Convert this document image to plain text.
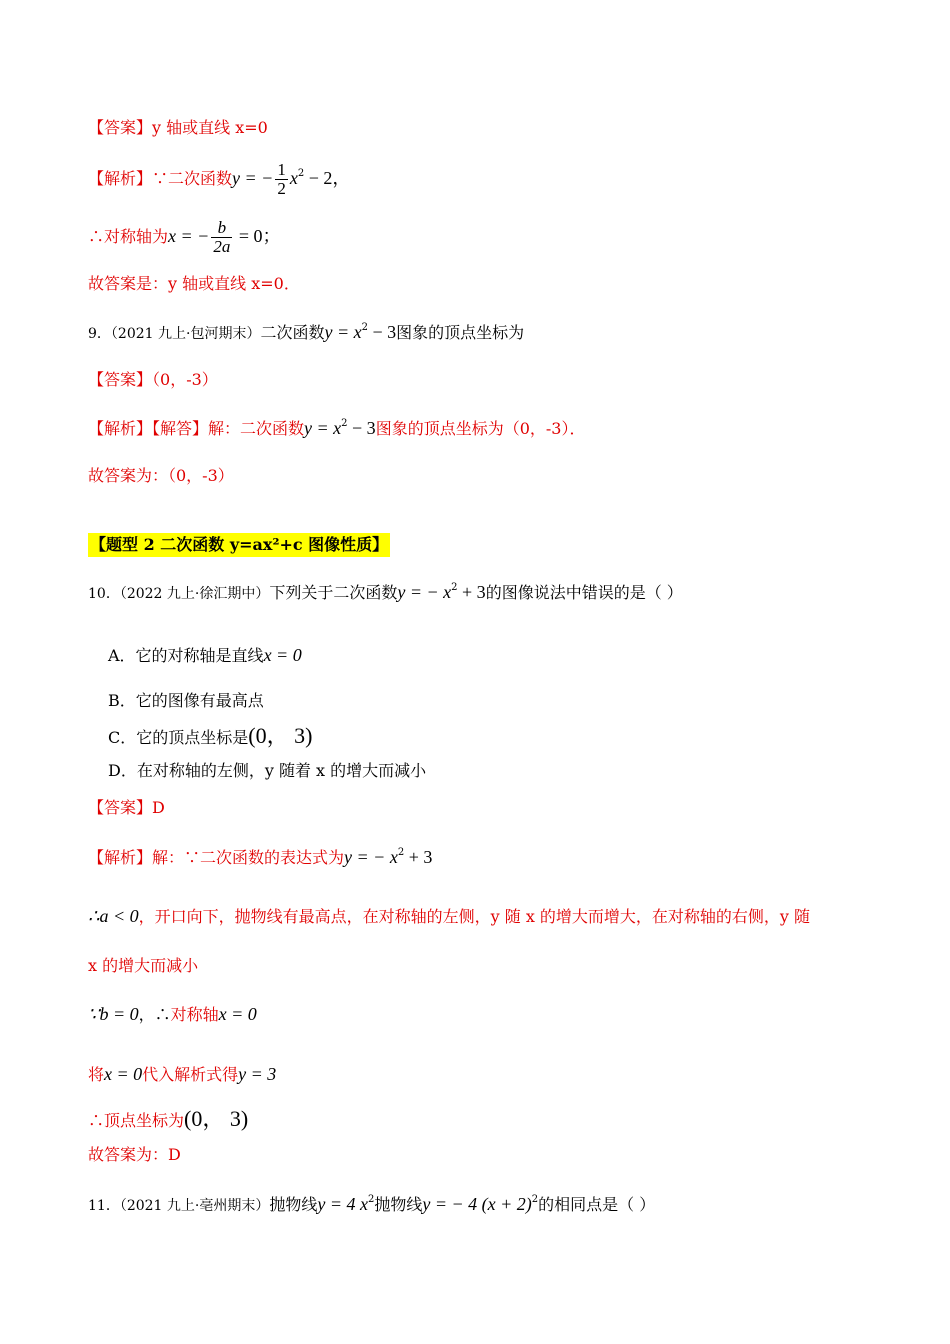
【答案】y 轴或直线 x=0
【解析】∵二次函数y = − $\frac{1}{2} x^2 - 2$，
∴对称轴为x = − $\frac{b}{2a} = 0$；
故答案是：y 轴或直线 x=0．
9．（2021 九上·包河期末）二次函数$y = x^2 - 3$图象的顶点坐标为
【答案】（0，-3）
【解析】【解答】解：二次函数$y = x^2 - 3$图象的顶点坐标为（0，-3）．
故答案为：（0，-3）
【题型 2 二次函数 y=ax²+c 图像性质】
10．（2022 九上·徐汇期中）下列关于二次函数y = − $x^2 + 3$的图像说法中错误的是（ ）
A．它的对称轴是直线x = 0
B．它的图像有最高点
C．它的顶点坐标是(0， 3)
D．在对称轴的左侧，y 随着 x 的增大而减小
【答案】D
【解析】解：∵二次函数的表达式为y = − $x^2 + 3$
∴a < 0，开口向下，抛物线有最高点，在对称轴的左侧，y 随 x 的增大而增大，在对称轴的右侧，y 随
x 的增大而减小
∵b = 0，∴对称轴x = 0
将x = 0代入解析式得y = 3
∴顶点坐标为(0， 3)
故答案为：D
11．（2021 九上·亳州期末）抛物线y = 4 $x^2$抛物线y = − 4 $(x + 2)^2$的相同点是（ ）
